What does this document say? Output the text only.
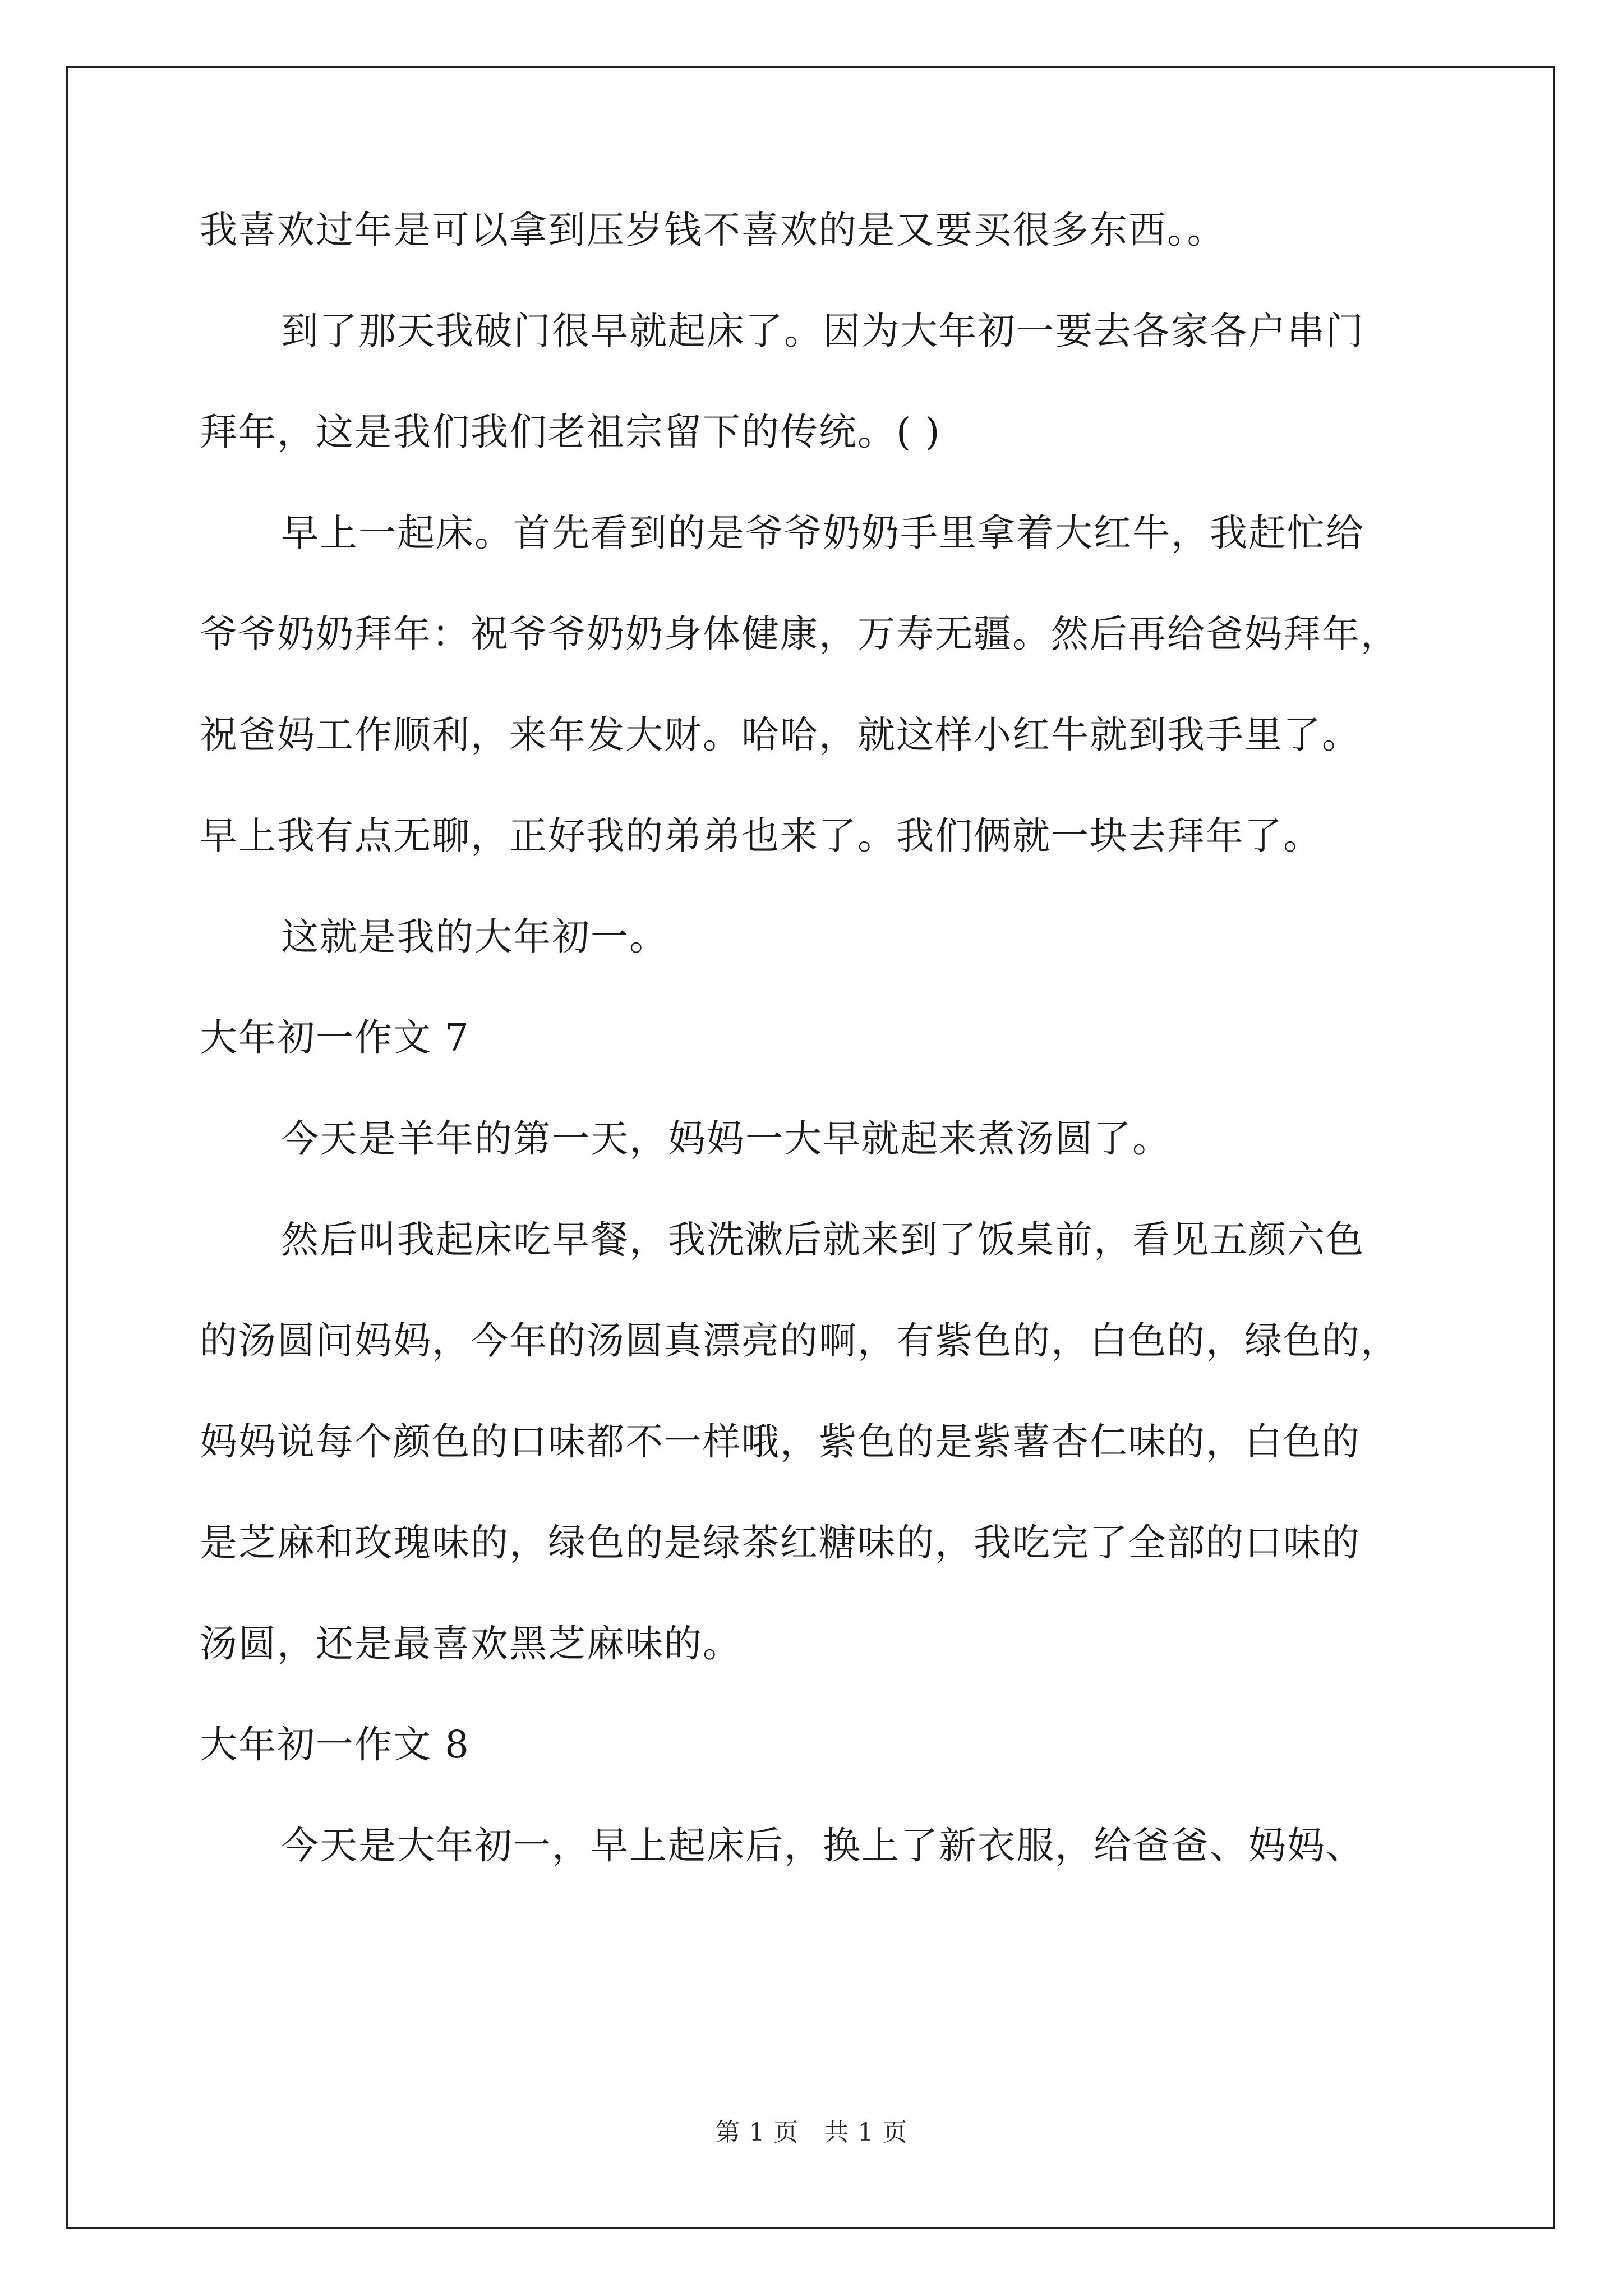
我喜欢过年是可以拿到压岁钱不喜欢的是又要买很多东西。。
到了那天我破门很早就起床了。因为大年初一要去各家各户串门
拜年，这是我们我们老祖宗留下的传统。( )
早上一起床。首先看到的是爷爷奶奶手里拿着大红牛，我赶忙给
爷爷奶奶拜年：祝爷爷奶奶身体健康，万寿无疆。然后再给爸妈拜年，
祝爸妈工作顺利，来年发大财。哈哈，就这样小红牛就到我手里了。
早上我有点无聊，正好我的弟弟也来了。我们俩就一块去拜年了。
这就是我的大年初一。
大年初一作文 7
今天是羊年的第一天，妈妈一大早就起来煮汤圆了。
然后叫我起床吃早餐，我洗漱后就来到了饭桌前，看见五颜六色
的汤圆问妈妈，今年的汤圆真漂亮的啊，有紫色的，白色的，绿色的，
妈妈说每个颜色的口味都不一样哦，紫色的是紫薯杏仁味的，白色的
是芝麻和玫瑰味的，绿色的是绿茶红糖味的，我吃完了全部的口味的
汤圆，还是最喜欢黑芝麻味的。
大年初一作文 8
今天是大年初一，早上起床后，换上了新衣服，给爸爸、妈妈、
第 1 页　共 1 页
